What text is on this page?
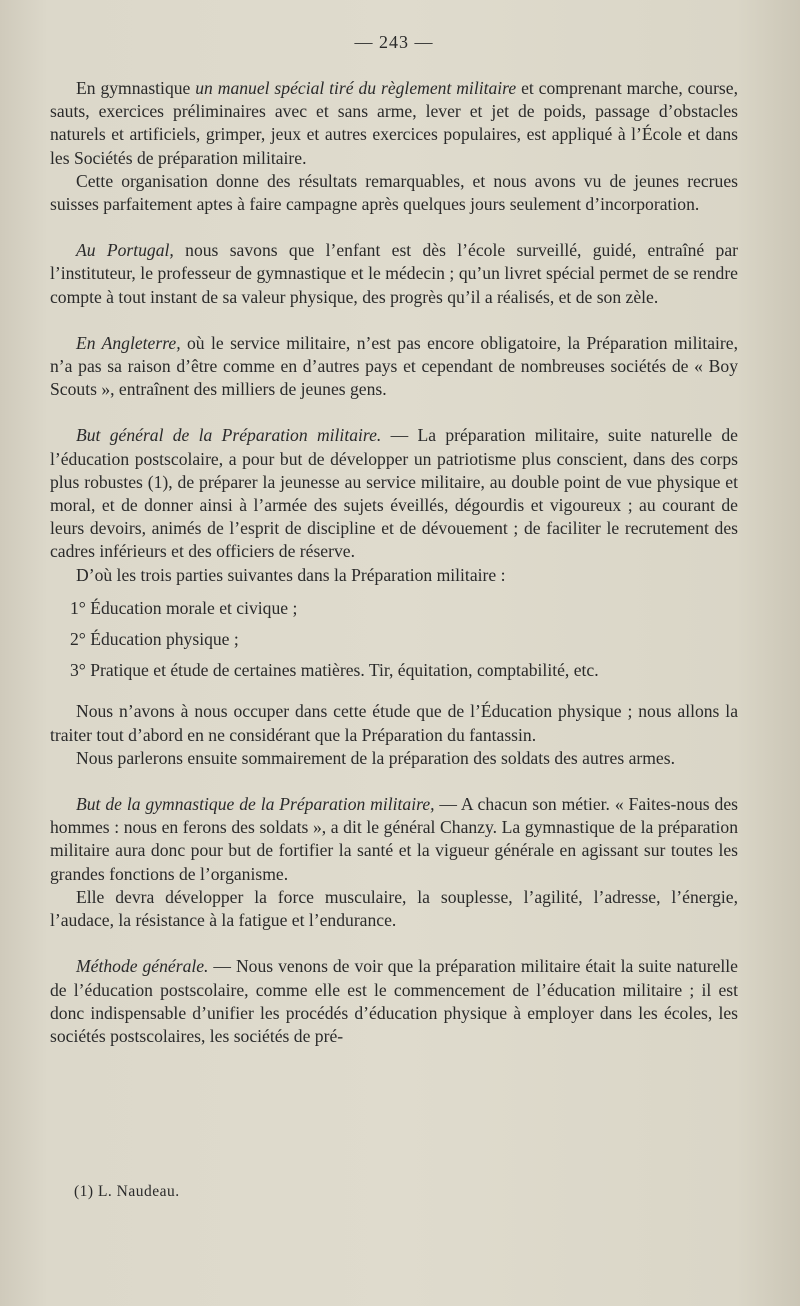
— 243 —

En gymnastique un manuel spécial tiré du règlement militaire et comprenant marche, course, sauts, exercices préliminaires avec et sans arme, lever et jet de poids, passage d’obstacles naturels et artificiels, grimper, jeux et autres exercices populaires, est appliqué à l’École et dans les Sociétés de préparation militaire.

Cette organisation donne des résultats remarquables, et nous avons vu de jeunes recrues suisses parfaitement aptes à faire campagne après quelques jours seulement d’incorporation.

Au Portugal, nous savons que l’enfant est dès l’école surveillé, guidé, entraîné par l’instituteur, le professeur de gymnastique et le médecin ; qu’un livret spécial permet de se rendre compte à tout instant de sa valeur physique, des progrès qu’il a réalisés, et de son zèle.

En Angleterre, où le service militaire, n’est pas encore obligatoire, la Préparation militaire, n’a pas sa raison d’être comme en d’autres pays et cependant de nombreuses sociétés de « Boy Scouts », entraînent des milliers de jeunes gens.

But général de la Préparation militaire. — La préparation militaire, suite naturelle de l’éducation postscolaire, a pour but de développer un patriotisme plus conscient, dans des corps plus robustes (1), de préparer la jeunesse au service militaire, au double point de vue physique et moral, et de donner ainsi à l’armée des sujets éveillés, dégourdis et vigoureux ; au courant de leurs devoirs, animés de l’esprit de discipline et de dévouement ; de faciliter le recrutement des cadres inférieurs et des officiers de réserve.

D’où les trois parties suivantes dans la Préparation militaire :

1° Éducation morale et civique ;
2° Éducation physique ;
3° Pratique et étude de certaines matières. Tir, équitation, comptabilité, etc.

Nous n’avons à nous occuper dans cette étude que de l’Éducation physique ; nous allons la traiter tout d’abord en ne considérant que la Préparation du fantassin.

Nous parlerons ensuite sommairement de la préparation des soldats des autres armes.

But de la gymnastique de la Préparation militaire, — A chacun son métier. « Faites-nous des hommes : nous en ferons des soldats », a dit le général Chanzy. La gymnastique de la préparation militaire aura donc pour but de fortifier la santé et la vigueur générale en agissant sur toutes les grandes fonctions de l’organisme.

Elle devra développer la force musculaire, la souplesse, l’agilité, l’adresse, l’énergie, l’audace, la résistance à la fatigue et l’endurance.

Méthode générale. — Nous venons de voir que la préparation militaire était la suite naturelle de l’éducation postscolaire, comme elle est le commencement de l’éducation militaire ; il est donc indispensable d’unifier les procédés d’éducation physique à employer dans les écoles, les sociétés postscolaires, les sociétés de pré-

(1) L. Naudeau.
